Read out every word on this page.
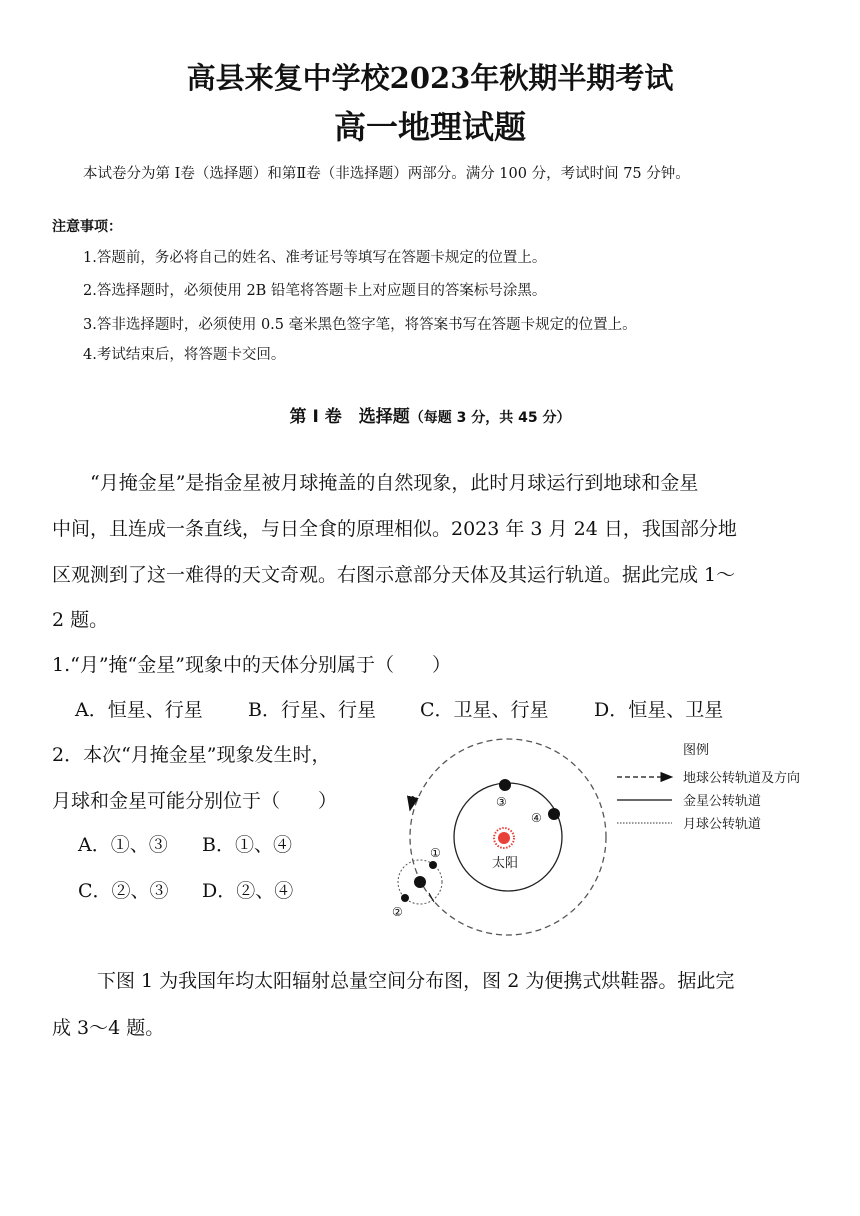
高县来复中学校2023年秋期半期考试
高一地理试题
本试卷分为第 Ⅰ卷（选择题）和第Ⅱ卷（非选择题）两部分。满分 100 分，考试时间 75 分钟。
注意事项：
1.答题前，务必将自己的姓名、准考证号等填写在答题卡规定的位置上。
2.答选择题时，必须使用 2B 铅笔将答题卡上对应题目的答案标号涂黑。
3.答非选择题时，必须使用 0.5 毫米黑色签字笔，将答案书写在答题卡规定的位置上。
4.考试结束后，将答题卡交回。
第 Ⅰ 卷　选择题（每题 3 分，共 45 分）
“月掩金星”是指金星被月球掩盖的自然现象，此时月球运行到地球和金星
中间，且连成一条直线，与日全食的原理相似。2023 年 3 月 24 日，我国部分地
区观测到了这一难得的天文奇观。右图示意部分天体及其运行轨道。据此完成 1～
2 题。
1.“月”掩“金星”现象中的天体分别属于（　　）
A．恒星、行星 B．行星、行星 C．卫星、行星 D．恒星、卫星
2．本次“月掩金星”现象发生时，
月球和金星可能分别位于（　　）
A．①、③ B．①、④
C．②、③ D．②、④
太阳
③
④
①
②
图例
地球公转轨道及方向
金星公转轨道
月球公转轨道
下图 1 为我国年均太阳辐射总量空间分布图，图 2 为便携式烘鞋器。据此完
成 3～4 题。
